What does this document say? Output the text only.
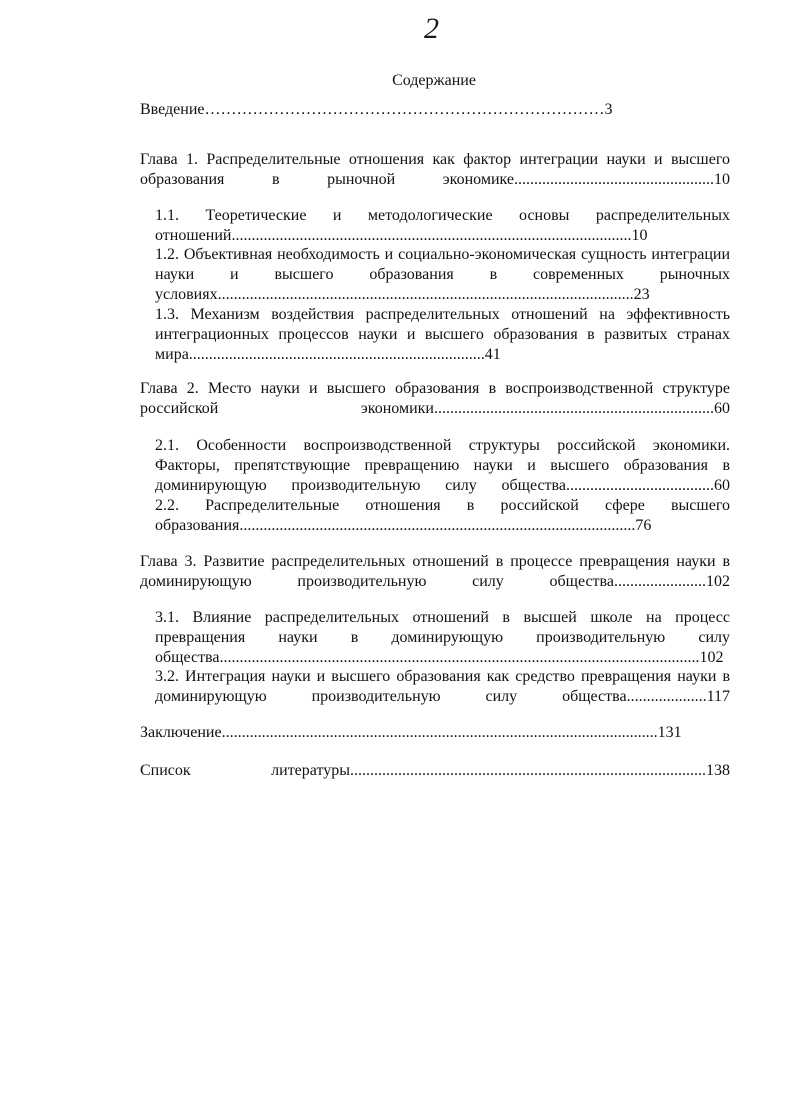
2
Содержание
Введение…………………………………………………………………3
Глава 1. Распределительные отношения как фактор интеграции науки и высшего образования в рыночной экономике..................................................10
1.1. Теоретические и методологические основы распределительных отношений....................................................................................................10
1.2. Объективная необходимость и социально-экономическая сущность интеграции науки и высшего образования в современных рыночных условиях........................................................................................................23
1.3. Механизм воздействия распределительных отношений на эффективность интеграционных процессов науки и высшего образования в развитых странах мира..........................................................................41
Глава 2. Место науки и высшего образования в воспроизводственной структуре российской экономики......................................................................60
2.1. Особенности воспроизводственной структуры российской экономики. Факторы, препятствующие превращению науки и высшего образования в доминирующую производительную силу общества.....................................60
2.2. Распределительные отношения в российской сфере высшего образования...................................................................................................76
Глава 3. Развитие распределительных отношений в процессе превращения науки в доминирующую производительную силу общества.......................102
3.1. Влияние распределительных отношений в высшей школе на процесс превращения науки в доминирующую производительную силу общества........................................................................................................................102
3.2. Интеграция науки и высшего образования как средство превращения науки в доминирующую производительную силу общества....................117
Заключение.............................................................................................................131
Список литературы.........................................................................................138
